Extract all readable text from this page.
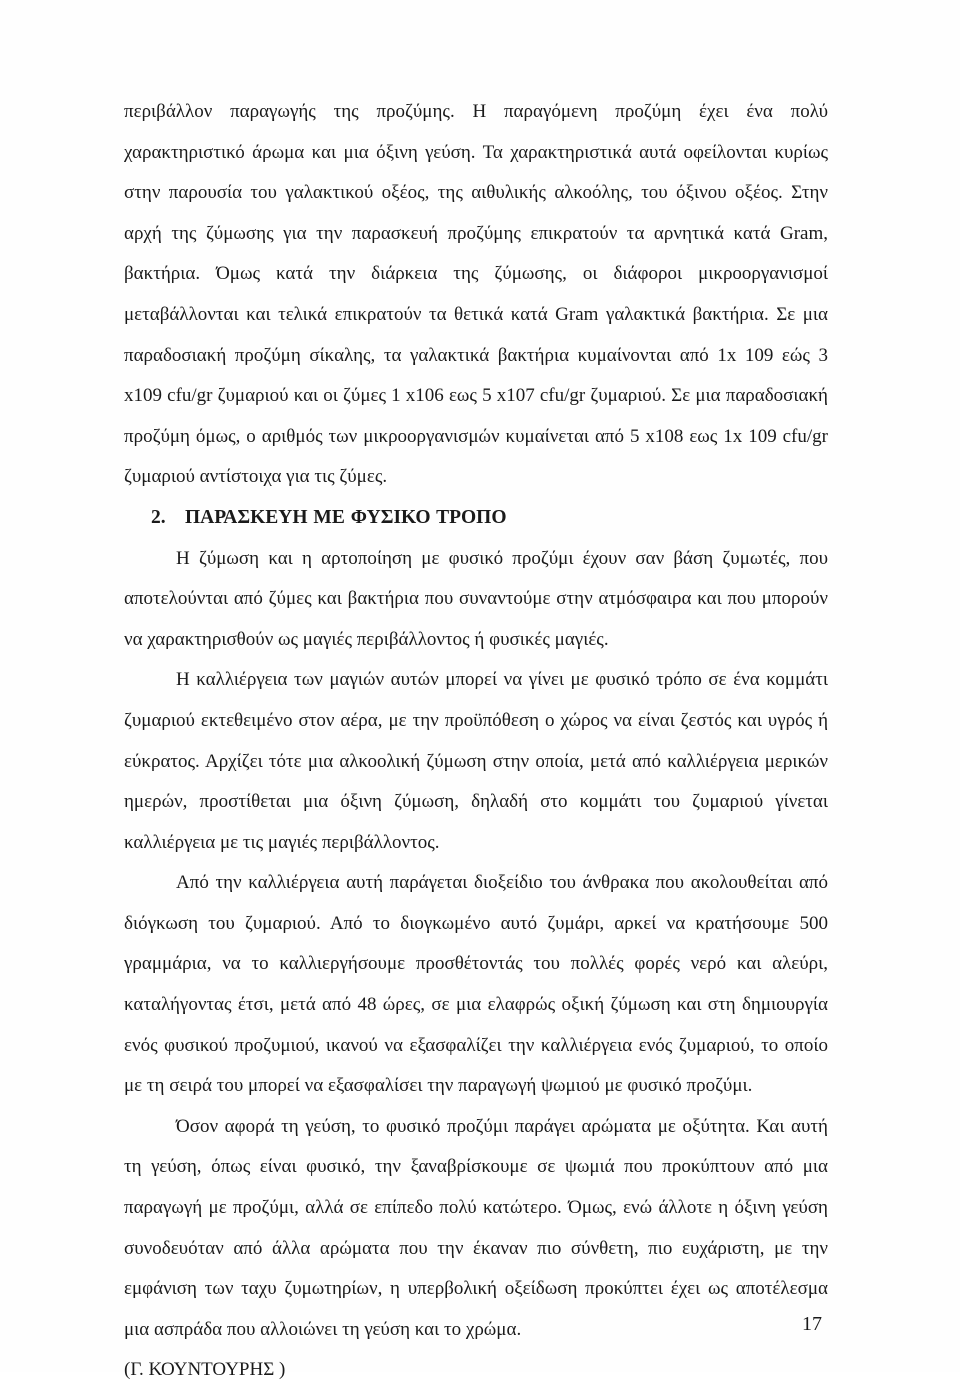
περιβάλλον παραγωγής της προζύμης. Η παραγόμενη προζύμη έχει ένα πολύ χαρακτηριστικό άρωμα και μια όξινη γεύση. Τα χαρακτηριστικά αυτά οφείλονται κυρίως στην παρουσία του γαλακτικού οξέος, της αιθυλικής αλκοόλης, του όξινου οξέος. Στην αρχή της ζύμωσης για την παρασκευή προζύμης επικρατούν τα αρνητικά κατά Gram, βακτήρια. Όμως κατά την διάρκεια της ζύμωσης, οι διάφοροι μικροοργανισμοί μεταβάλλονται και τελικά επικρατούν τα θετικά κατά Gram γαλακτικά βακτήρια. Σε μια παραδοσιακή προζύμη σίκαλης, τα γαλακτικά βακτήρια κυμαίνονται από 1x 109 εώς 3 x109 cfu/gr ζυμαριού και οι ζύμες 1 x106 εως 5 x107 cfu/gr ζυμαριού. Σε μια παραδοσιακή προζύμη όμως, ο αριθμός των μικροοργανισμών κυμαίνεται από 5 x108 εως 1x 109 cfu/gr ζυμαριού αντίστοιχα για τις ζύμες.

2. ΠΑΡΑΣΚΕΥΗ ΜΕ ΦΥΣΙΚΟ ΤΡΟΠΟ

Η ζύμωση και η αρτοποίηση με φυσικό προζύμι έχουν σαν βάση ζυμωτές, που αποτελούνται από ζύμες και βακτήρια που συναντούμε στην ατμόσφαιρα και που μπορούν να χαρακτηρισθούν ως μαγιές περιβάλλοντος ή φυσικές μαγιές.

Η καλλιέργεια των μαγιών αυτών μπορεί να γίνει με φυσικό τρόπο σε ένα κομμάτι ζυμαριού εκτεθειμένο στον αέρα, με την προϋπόθεση ο χώρος να είναι ζεστός και υγρός ή εύκρατος. Αρχίζει τότε μια αλκοολική ζύμωση στην οποία, μετά από καλλιέργεια μερικών ημερών, προστίθεται μια όξινη ζύμωση, δηλαδή στο κομμάτι του ζυμαριού γίνεται καλλιέργεια με τις μαγιές περιβάλλοντος.

Από την καλλιέργεια αυτή παράγεται διοξείδιο του άνθρακα που ακολουθείται από διόγκωση του ζυμαριού. Από το διογκωμένο αυτό ζυμάρι, αρκεί να κρατήσουμε 500 γραμμάρια, να το καλλιεργήσουμε προσθέτοντάς του πολλές φορές νερό και αλεύρι, καταλήγοντας έτσι, μετά από 48 ώρες, σε μια ελαφρώς οξική ζύμωση και στη δημιουργία ενός φυσικού προζυμιού, ικανού να εξασφαλίζει την καλλιέργεια ενός ζυμαριού, το οποίο με τη σειρά του μπορεί να εξασφαλίσει την παραγωγή ψωμιού με φυσικό προζύμι.

Όσον αφορά τη γεύση, το φυσικό προζύμι παράγει αρώματα με οξύτητα. Και αυτή τη γεύση, όπως είναι φυσικό, την ξαναβρίσκουμε σε ψωμιά που προκύπτουν από μια παραγωγή με προζύμι, αλλά σε επίπεδο πολύ κατώτερο. Όμως, ενώ άλλοτε η όξινη γεύση συνοδευόταν από άλλα αρώματα που την έκαναν πιο σύνθετη, πιο ευχάριστη, με την εμφάνιση των ταχυ ζυμωτηρίων, η υπερβολική οξείδωση προκύπτει έχει ως αποτέλεσμα μια ασπράδα που αλλοιώνει τη γεύση και το χρώμα.

(Γ. ΚΟΥΝΤΟΥΡΗΣ )
17
